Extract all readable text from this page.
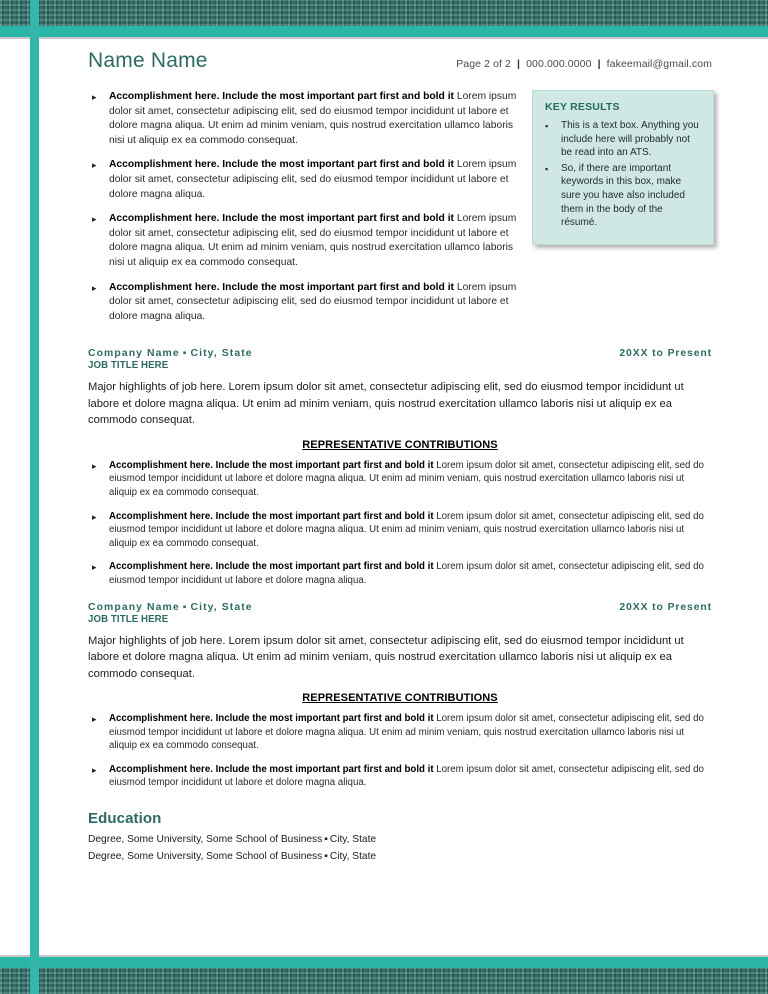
Name Name	Page 2 of 2 | 000.000.0000 | fakeemail@gmail.com
▸	Accomplishment here. Include the most important part first and bold it Lorem ipsum dolor sit amet, consectetur adipiscing elit, sed do eiusmod tempor incididunt ut labore et dolore magna aliqua. Ut enim ad minim veniam, quis nostrud exercitation ullamco laboris nisi ut aliquip ex ea commodo consequat.
▸	Accomplishment here. Include the most important part first and bold it Lorem ipsum dolor sit amet, consectetur adipiscing elit, sed do eiusmod tempor incididunt ut labore et dolore magna aliqua.
▸	Accomplishment here. Include the most important part first and bold it Lorem ipsum dolor sit amet, consectetur adipiscing elit, sed do eiusmod tempor incididunt ut labore et dolore magna aliqua. Ut enim ad minim veniam, quis nostrud exercitation ullamco laboris nisi ut aliquip ex ea commodo consequat.
▸	Accomplishment here. Include the most important part first and bold it Lorem ipsum dolor sit amet, consectetur adipiscing elit, sed do eiusmod tempor incididunt ut labore et dolore magna aliqua.
KEY RESULTS
▪	This is a text box. Anything you include here will probably not be read into an ATS.
▪	So, if there are important keywords in this box, make sure you have also included them in the body of the résumé.
Company Name ▪ City, State	20XX to Present
JOB TITLE HERE
Major highlights of job here. Lorem ipsum dolor sit amet, consectetur adipiscing elit, sed do eiusmod tempor incididunt ut labore et dolore magna aliqua. Ut enim ad minim veniam, quis nostrud exercitation ullamco laboris nisi ut aliquip ex ea commodo consequat.
REPRESENTATIVE CONTRIBUTIONS
▸	Accomplishment here. Include the most important part first and bold it Lorem ipsum dolor sit amet, consectetur adipiscing elit, sed do eiusmod tempor incididunt ut labore et dolore magna aliqua. Ut enim ad minim veniam, quis nostrud exercitation ullamco laboris nisi ut aliquip ex ea commodo consequat.
▸	Accomplishment here. Include the most important part first and bold it Lorem ipsum dolor sit amet, consectetur adipiscing elit, sed do eiusmod tempor incididunt ut labore et dolore magna aliqua. Ut enim ad minim veniam, quis nostrud exercitation ullamco laboris nisi ut aliquip ex ea commodo consequat.
▸	Accomplishment here. Include the most important part first and bold it Lorem ipsum dolor sit amet, consectetur adipiscing elit, sed do eiusmod tempor incididunt ut labore et dolore magna aliqua.
Company Name ▪ City, State	20XX to Present
JOB TITLE HERE
Major highlights of job here. Lorem ipsum dolor sit amet, consectetur adipiscing elit, sed do eiusmod tempor incididunt ut labore et dolore magna aliqua. Ut enim ad minim veniam, quis nostrud exercitation ullamco laboris nisi ut aliquip ex ea commodo consequat.
REPRESENTATIVE CONTRIBUTIONS
▸	Accomplishment here. Include the most important part first and bold it Lorem ipsum dolor sit amet, consectetur adipiscing elit, sed do eiusmod tempor incididunt ut labore et dolore magna aliqua. Ut enim ad minim veniam, quis nostrud exercitation ullamco laboris nisi ut aliquip ex ea commodo consequat.
▸	Accomplishment here. Include the most important part first and bold it Lorem ipsum dolor sit amet, consectetur adipiscing elit, sed do eiusmod tempor incididunt ut labore et dolore magna aliqua.
Education
Degree, Some University, Some School of Business ▪ City, State
Degree, Some University, Some School of Business ▪ City, State
